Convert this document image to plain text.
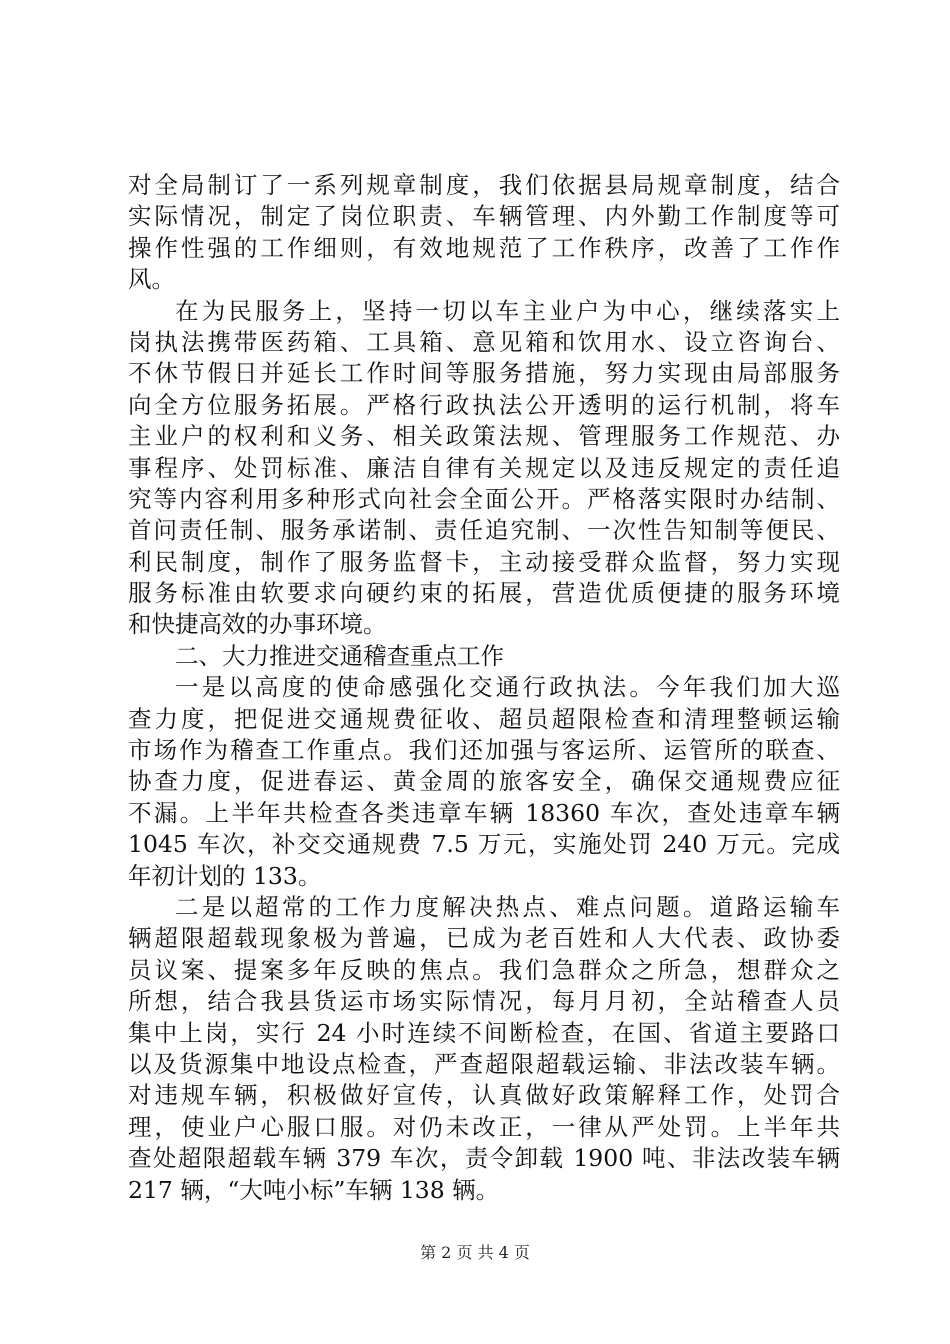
对全局制订了一系列规章制度，我们依据县局规章制度，结合
实际情况，制定了岗位职责、车辆管理、内外勤工作制度等可
操作性强的工作细则，有效地规范了工作秩序，改善了工作作
风。
在为民服务上，坚持一切以车主业户为中心，继续落实上
岗执法携带医药箱、工具箱、意见箱和饮用水、设立咨询台、
不休节假日并延长工作时间等服务措施，努力实现由局部服务
向全方位服务拓展。严格行政执法公开透明的运行机制，将车
主业户的权利和义务、相关政策法规、管理服务工作规范、办
事程序、处罚标准、廉洁自律有关规定以及违反规定的责任追
究等内容利用多种形式向社会全面公开。严格落实限时办结制、
首问责任制、服务承诺制、责任追究制、一次性告知制等便民、
利民制度，制作了服务监督卡，主动接受群众监督，努力实现
服务标准由软要求向硬约束的拓展，营造优质便捷的服务环境
和快捷高效的办事环境。
二、大力推进交通稽查重点工作
一是以高度的使命感强化交通行政执法。今年我们加大巡
查力度，把促进交通规费征收、超员超限检查和清理整顿运输
市场作为稽查工作重点。我们还加强与客运所、运管所的联查、
协查力度，促进春运、黄金周的旅客安全，确保交通规费应征
不漏。上半年共检查各类违章车辆 18360 车次，查处违章车辆
1045 车次，补交交通规费 7.5 万元，实施处罚 240 万元。完成
年初计划的 133。
二是以超常的工作力度解决热点、难点问题。道路运输车
辆超限超载现象极为普遍，已成为老百姓和人大代表、政协委
员议案、提案多年反映的焦点。我们急群众之所急，想群众之
所想，结合我县货运市场实际情况，每月月初，全站稽查人员
集中上岗，实行 24 小时连续不间断检查，在国、省道主要路口
以及货源集中地设点检查，严查超限超载运输、非法改装车辆。
对违规车辆，积极做好宣传，认真做好政策解释工作，处罚合
理，使业户心服口服。对仍未改正，一律从严处罚。上半年共
查处超限超载车辆 379 车次，责令卸载 1900 吨、非法改装车辆
217 辆，“大吨小标”车辆 138 辆。
第 2 页 共 4 页
